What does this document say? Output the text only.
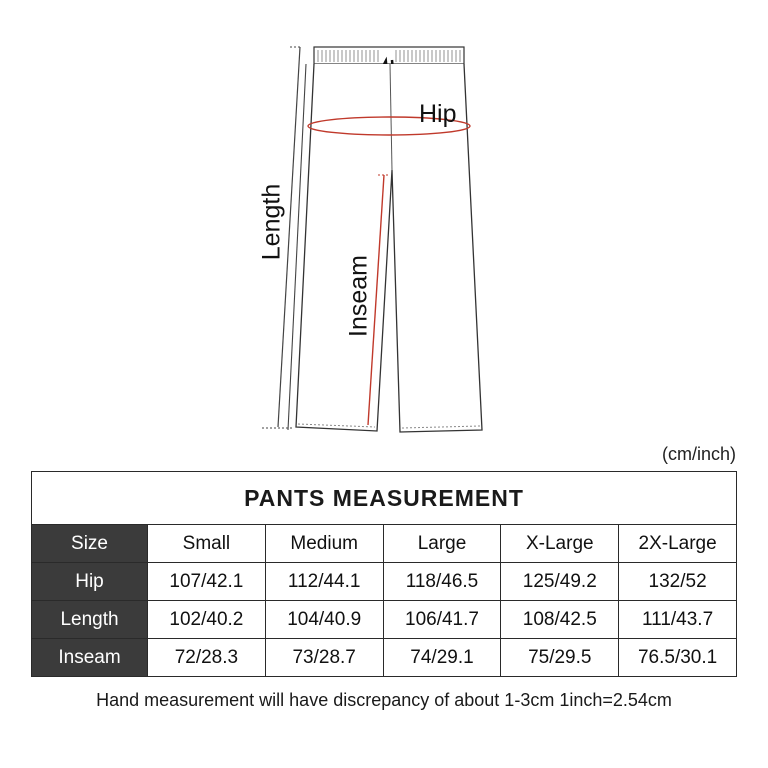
Hip
Length
Inseam
(cm/inch)
PANTS MEASUREMENT					
Size	Small	Medium	Large	X-Large	2X-Large
Hip	107/42.1	112/44.1	118/46.5	125/49.2	132/52
Length	102/40.2	104/40.9	106/41.7	108/42.5	111/43.7
Inseam	72/28.3	73/28.7	74/29.1	75/29.5	76.5/30.1
Hand measurement will have discrepancy of about 1-3cm 1inch=2.54cm
